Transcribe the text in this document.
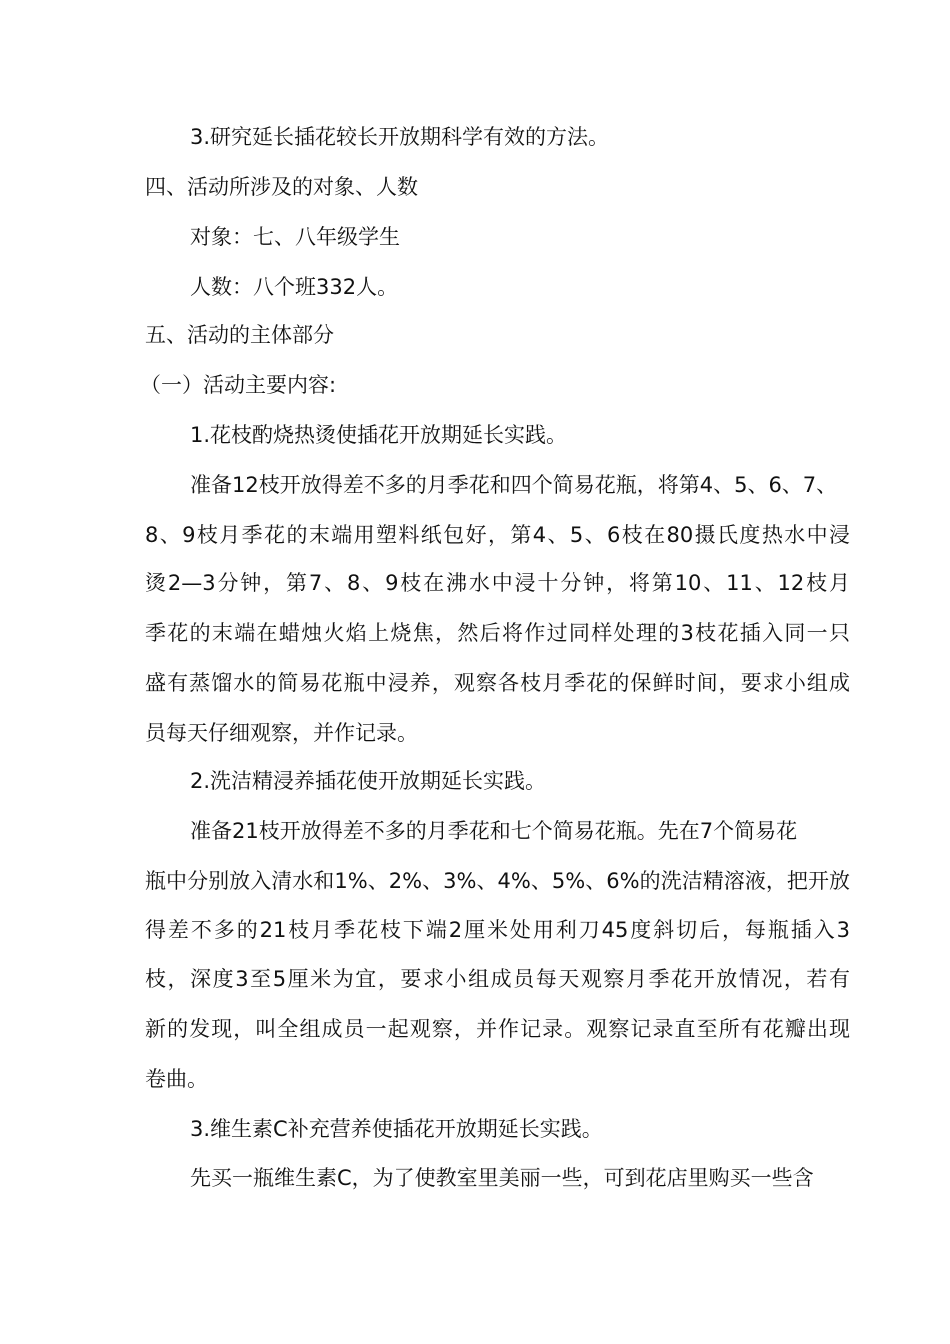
3.研究延长插花较长开放期科学有效的方法。
四、活动所涉及的对象、人数
对象：七、八年级学生
人数：八个班332人。
五、活动的主体部分
（一）活动主要内容:
1.花枝酌烧热烫使插花开放期延长实践。
准备12枝开放得差不多的月季花和四个简易花瓶，将第4、5、6、7、
8、9枝月季花的末端用塑料纸包好，第4、5、6枝在80摄氏度热水中浸
烫2—3分钟，第7、8、9枝在沸水中浸十分钟，将第10、11、12枝月
季花的末端在蜡烛火焰上烧焦，然后将作过同样处理的3枝花插入同一只
盛有蒸馏水的简易花瓶中浸养，观察各枝月季花的保鲜时间，要求小组成
员每天仔细观察，并作记录。
2.洗洁精浸养插花使开放期延长实践。
准备21枝开放得差不多的月季花和七个简易花瓶。先在7个简易花
瓶中分别放入清水和1%、2%、3%、4%、5%、6%的洗洁精溶液，把开放
得差不多的21枝月季花枝下端2厘米处用利刀45度斜切后，每瓶插入3
枝，深度3至5厘米为宜，要求小组成员每天观察月季花开放情况，若有
新的发现，叫全组成员一起观察，并作记录。观察记录直至所有花瓣出现
卷曲。
3.维生素C补充营养使插花开放期延长实践。
先买一瓶维生素C，为了使教室里美丽一些，可到花店里购买一些含
